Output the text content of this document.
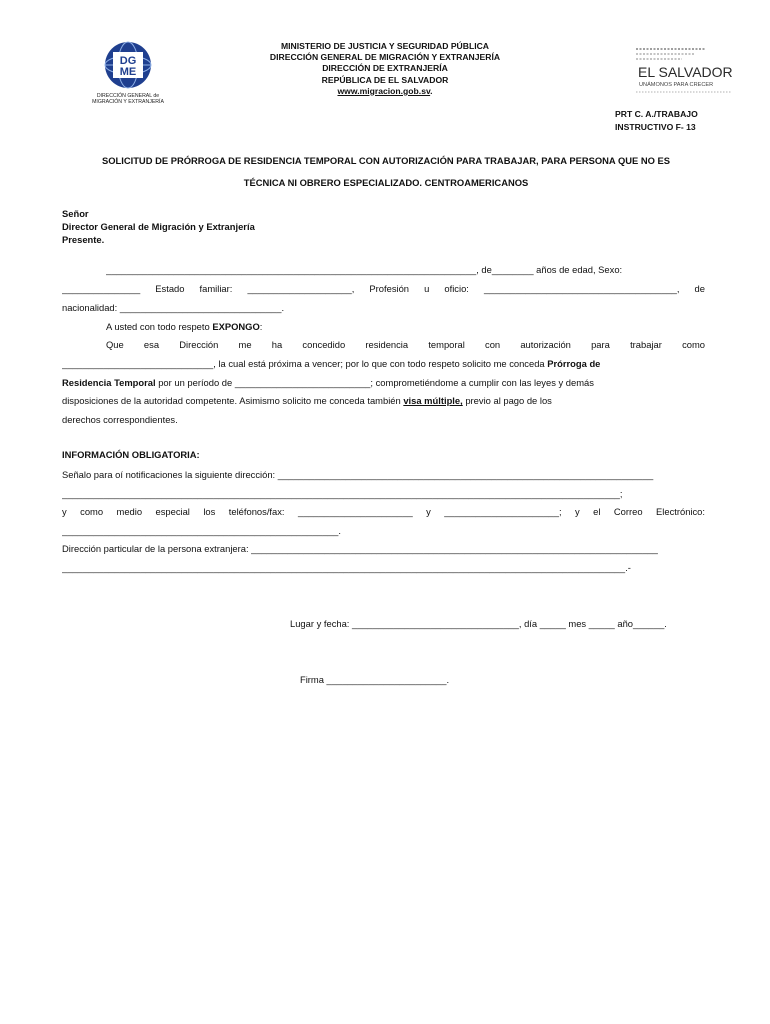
DG
ME
DIRECCIÓN GENERAL de
MIGRACIÓN Y EXTRANJERÍA
MINISTERIO DE JUSTICIA Y SEGURIDAD PÚBLICA
DIRECCIÓN GENERAL DE MIGRACIÓN Y EXTRANJERÍA
DIRECCIÓN DE EXTRANJERÍA
REPÚBLICA DE EL SALVADOR
www.migracion.gob.sv.
EL SALVADOR
UNÁMONOS PARA CRECER
PRT C. A./TRABAJO
INSTRUCTIVO F- 13
SOLICITUD DE PRÓRROGA DE RESIDENCIA TEMPORAL CON AUTORIZACIÓN PARA TRABAJAR, PARA PERSONA QUE NO ES
TÉCNICA NI OBRERO ESPECIALIZADO. CENTROAMERICANOS
Señor
Director General de Migración y Extranjería
Presente.
_______________________________________________________________________, de________ años de edad, Sexo:
_______________ Estado familiar: ____________________, Profesión u oficio: _____________________________________, de
nacionalidad: _______________________________.
A usted con todo respeto EXPONGO:
Que esa Dirección me ha concedido residencia temporal con autorización para trabajar como
_____________________________, la cual está próxima a vencer; por lo que con todo respeto solicito me conceda Prórroga de
Residencia Temporal por un período de __________________________; comprometiéndome a cumplir con las leyes y demás
disposiciones de la autoridad competente. Asimismo solicito me conceda también visa múltiple, previo al pago de los
derechos correspondientes.
INFORMACIÓN OBLIGATORIA:
Señalo para oí notificaciones la siguiente dirección: ________________________________________________________________________
___________________________________________________________________________________________________________;
y como medio especial los teléfonos/fax: ______________________ y ______________________; y el Correo Electrónico:
_____________________________________________________.
Dirección particular de la persona extranjera: ______________________________________________________________________________
____________________________________________________________________________________________________________.-
Lugar y fecha: ________________________________, día _____ mes _____ año______.
Firma _______________________.
